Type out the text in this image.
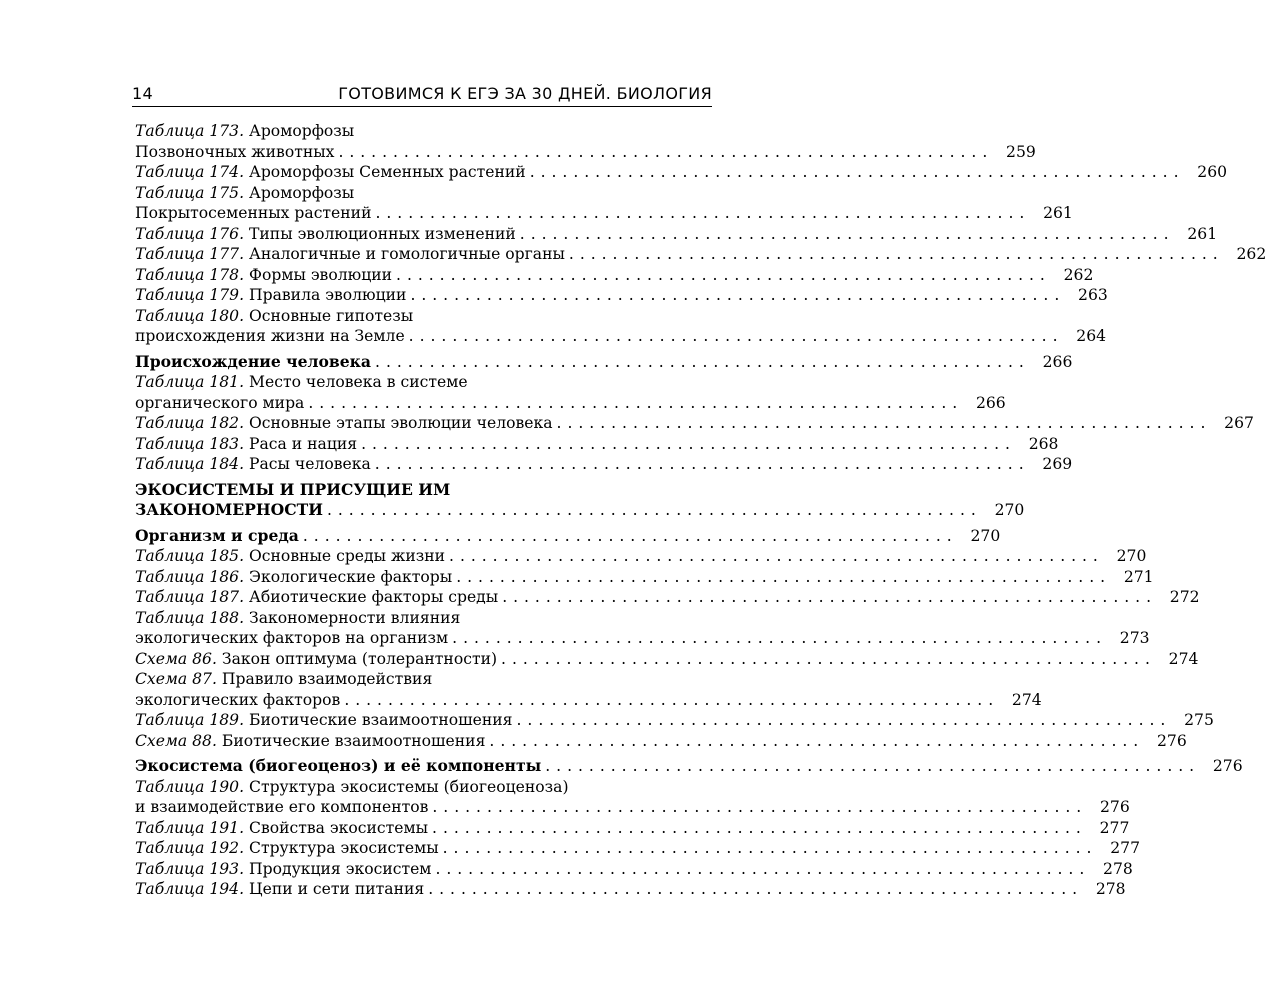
14	ГОТОВИМСЯ К ЕГЭ ЗА 30 ДНЕЙ. БИОЛОГИЯ
Таблица 173. Ароморфозы
Позвоночных животных . . . . . . . . . . . . . . . . . . . . . . . . . . . . . . . . . . . . . . . . . . . . . . . . . . . . . . . . . . . .	259
Таблица 174. Ароморфозы Семенных растений . . . . . . . . . . . . . . . . . . . . . . . . . . . . . . . . . . . . . . . . . . . . . . . . . . . . . . . . . . . .	260
Таблица 175. Ароморфозы
Покрытосеменных растений . . . . . . . . . . . . . . . . . . . . . . . . . . . . . . . . . . . . . . . . . . . . . . . . . . . . . . . . . . . .	261
Таблица 176. Типы эволюционных изменений . . . . . . . . . . . . . . . . . . . . . . . . . . . . . . . . . . . . . . . . . . . . . . . . . . . . . . . . . . . .	261
Таблица 177. Аналогичные и гомологичные органы . . . . . . . . . . . . . . . . . . . . . . . . . . . . . . . . . . . . . . . . . . . . . . . . . . . . . . . . . . . .	262
Таблица 178. Формы эволюции . . . . . . . . . . . . . . . . . . . . . . . . . . . . . . . . . . . . . . . . . . . . . . . . . . . . . . . . . . . .	262
Таблица 179. Правила эволюции . . . . . . . . . . . . . . . . . . . . . . . . . . . . . . . . . . . . . . . . . . . . . . . . . . . . . . . . . . . .	263
Таблица 180. Основные гипотезы
происхождения жизни на Земле . . . . . . . . . . . . . . . . . . . . . . . . . . . . . . . . . . . . . . . . . . . . . . . . . . . . . . . . . . . .	264
Происхождение человека . . . . . . . . . . . . . . . . . . . . . . . . . . . . . . . . . . . . . . . . . . . . . . . . . . . . . . . . . . . .	266
Таблица 181. Место человека в системе
органического мира . . . . . . . . . . . . . . . . . . . . . . . . . . . . . . . . . . . . . . . . . . . . . . . . . . . . . . . . . . . .	266
Таблица 182. Основные этапы эволюции человека . . . . . . . . . . . . . . . . . . . . . . . . . . . . . . . . . . . . . . . . . . . . . . . . . . . . . . . . . . . .	267
Таблица 183. Раса и нация . . . . . . . . . . . . . . . . . . . . . . . . . . . . . . . . . . . . . . . . . . . . . . . . . . . . . . . . . . . .	268
Таблица 184. Расы человека . . . . . . . . . . . . . . . . . . . . . . . . . . . . . . . . . . . . . . . . . . . . . . . . . . . . . . . . . . . .	269
ЭКОСИСТЕМЫ И ПРИСУЩИЕ ИМ
ЗАКОНОМЕРНОСТИ . . . . . . . . . . . . . . . . . . . . . . . . . . . . . . . . . . . . . . . . . . . . . . . . . . . . . . . . . . . .	270
Организм и среда . . . . . . . . . . . . . . . . . . . . . . . . . . . . . . . . . . . . . . . . . . . . . . . . . . . . . . . . . . . .	270
Таблица 185. Основные среды жизни . . . . . . . . . . . . . . . . . . . . . . . . . . . . . . . . . . . . . . . . . . . . . . . . . . . . . . . . . . . .	270
Таблица 186. Экологические факторы . . . . . . . . . . . . . . . . . . . . . . . . . . . . . . . . . . . . . . . . . . . . . . . . . . . . . . . . . . . .	271
Таблица 187. Абиотические факторы среды . . . . . . . . . . . . . . . . . . . . . . . . . . . . . . . . . . . . . . . . . . . . . . . . . . . . . . . . . . . .	272
Таблица 188. Закономерности влияния
экологических факторов на организм . . . . . . . . . . . . . . . . . . . . . . . . . . . . . . . . . . . . . . . . . . . . . . . . . . . . . . . . . . . .	273
Схема 86. Закон оптимума (толерантности) . . . . . . . . . . . . . . . . . . . . . . . . . . . . . . . . . . . . . . . . . . . . . . . . . . . . . . . . . . . .	274
Схема 87. Правило взаимодействия
экологических факторов . . . . . . . . . . . . . . . . . . . . . . . . . . . . . . . . . . . . . . . . . . . . . . . . . . . . . . . . . . . .	274
Таблица 189. Биотические взаимоотношения . . . . . . . . . . . . . . . . . . . . . . . . . . . . . . . . . . . . . . . . . . . . . . . . . . . . . . . . . . . .	275
Схема 88. Биотические взаимоотношения . . . . . . . . . . . . . . . . . . . . . . . . . . . . . . . . . . . . . . . . . . . . . . . . . . . . . . . . . . . .	276
Экосистема (биогеоценоз) и её компоненты . . . . . . . . . . . . . . . . . . . . . . . . . . . . . . . . . . . . . . . . . . . . . . . . . . . . . . . . . . . .	276
Таблица 190. Структура экосистемы (биогеоценоза)
и взаимодействие его компонентов . . . . . . . . . . . . . . . . . . . . . . . . . . . . . . . . . . . . . . . . . . . . . . . . . . . . . . . . . . . .	276
Таблица 191. Свойства экосистемы . . . . . . . . . . . . . . . . . . . . . . . . . . . . . . . . . . . . . . . . . . . . . . . . . . . . . . . . . . . .	277
Таблица 192. Структура экосистемы . . . . . . . . . . . . . . . . . . . . . . . . . . . . . . . . . . . . . . . . . . . . . . . . . . . . . . . . . . . .	277
Таблица 193. Продукция экосистем . . . . . . . . . . . . . . . . . . . . . . . . . . . . . . . . . . . . . . . . . . . . . . . . . . . . . . . . . . . .	278
Таблица 194. Цепи и сети питания . . . . . . . . . . . . . . . . . . . . . . . . . . . . . . . . . . . . . . . . . . . . . . . . . . . . . . . . . . . .	278
